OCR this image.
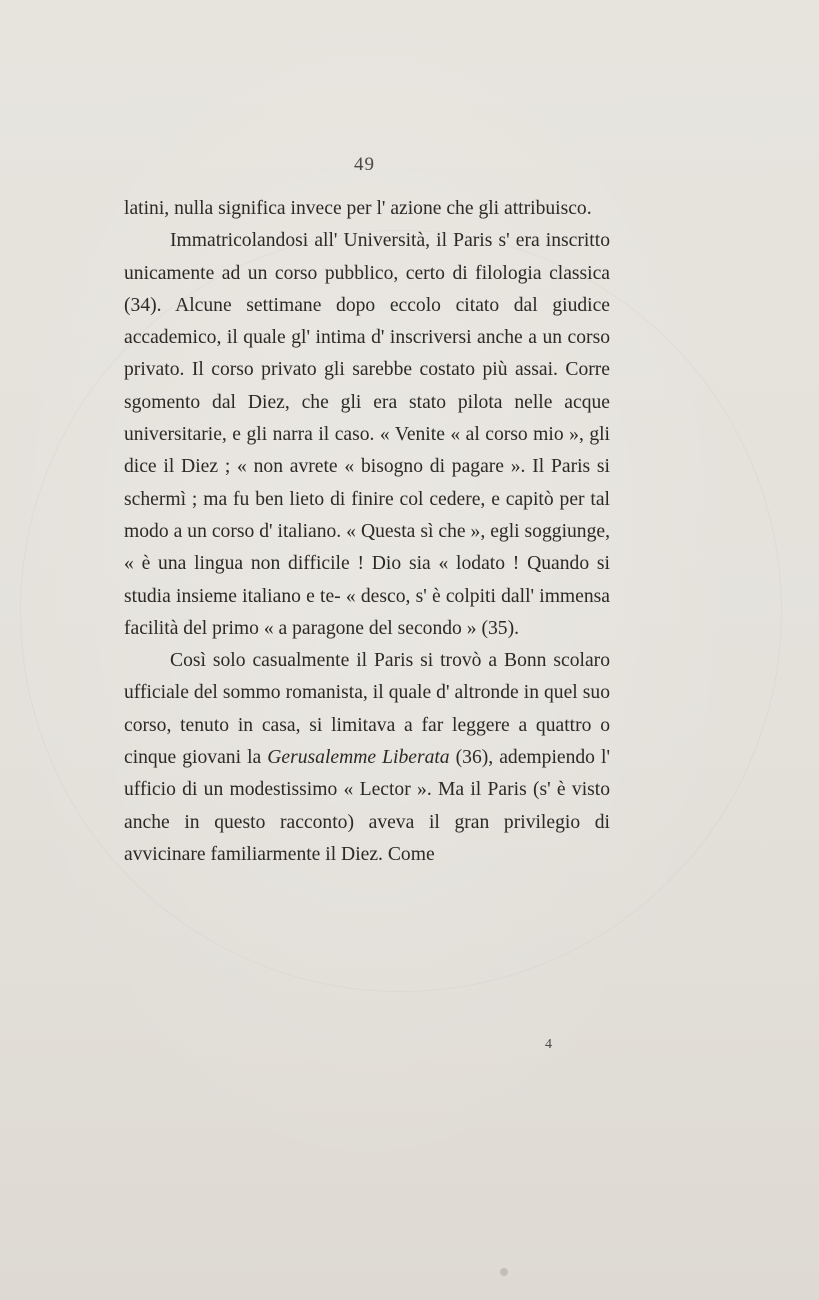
49

latini, nulla significa invece per l' azione che gli attribuisco.

Immatricolandosi all' Università, il Paris s' era inscritto unicamente ad un corso pubblico, certo di filologia classica (34). Alcune settimane dopo eccolo citato dal giudice accademico, il quale gl' intima d' inscriversi anche a un corso privato. Il corso privato gli sarebbe costato più assai. Corre sgomento dal Diez, che gli era stato pilota nelle acque universitarie, e gli narra il caso. « Venite « al corso mio », gli dice il Diez ; « non avrete « bisogno di pagare ». Il Paris si schermì ; ma fu ben lieto di finire col cedere, e capitò per tal modo a un corso d' italiano. « Questa sì che », egli soggiunge, « è una lingua non difficile ! Dio sia « lodato ! Quando si studia insieme italiano e te- « desco, s' è colpiti dall' immensa facilità del primo « a paragone del secondo » (35).

Così solo casualmente il Paris si trovò a Bonn scolaro ufficiale del sommo romanista, il quale d' altronde in quel suo corso, tenuto in casa, si limitava a far leggere a quattro o cinque giovani la Gerusalemme Liberata (36), adempiendo l' ufficio di un modestissimo « Lector ». Ma il Paris (s' è visto anche in questo racconto) aveva il gran privilegio di avvicinare familiarmente il Diez. Come

4
